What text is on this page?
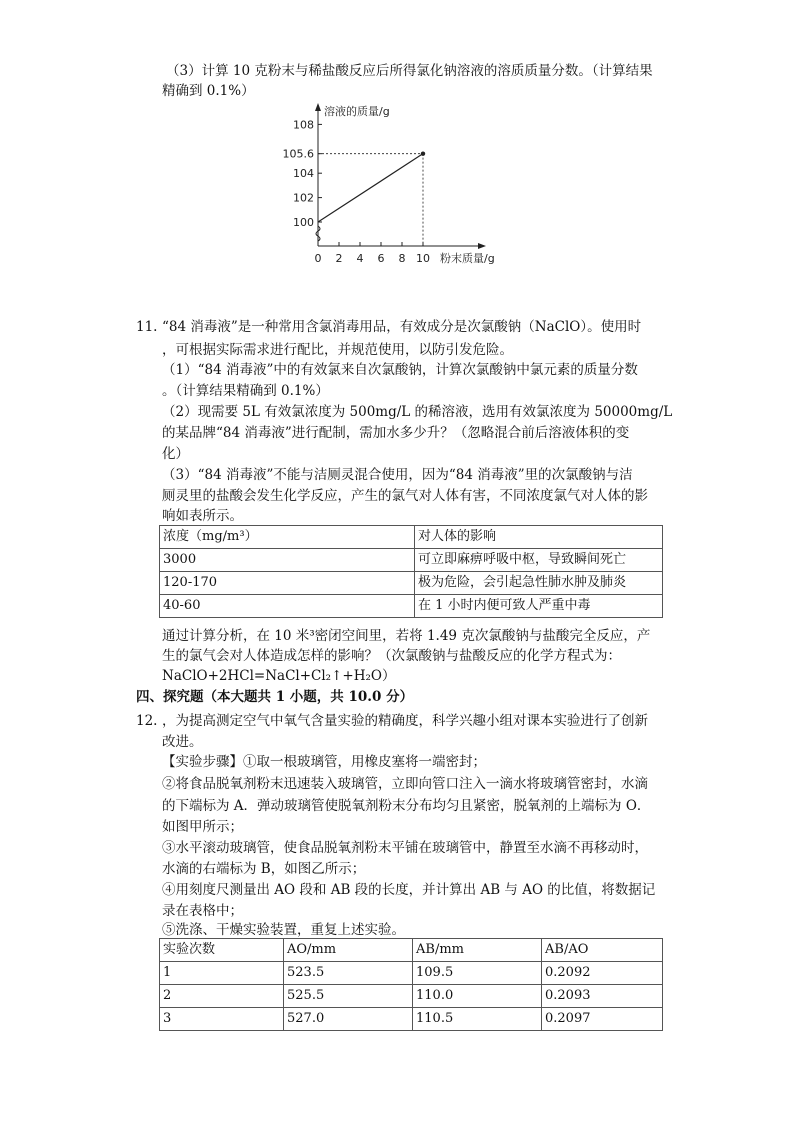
（3）计算 10 克粉末与稀盐酸反应后所得氯化钠溶液的溶质质量分数。（计算结果
精确到 0.1%）
100
102
104
105.6
108
0 2 4 6 8 10
溶液的质量/g
粉末质量/g
11. “84 消毒液”是一种常用含氯消毒用品，有效成分是次氯酸钠（NaClO）。使用时
，可根据实际需求进行配比，并规范使用，以防引发危险。
（1）“84 消毒液”中的有效氯来自次氯酸钠，计算次氯酸钠中氯元素的质量分数
。（计算结果精确到 0.1%）
（2）现需要 5L 有效氯浓度为 500mg/L 的稀溶液，选用有效氯浓度为 50000mg/L
的某品牌“84 消毒液”进行配制，需加水多少升？（忽略混合前后溶液体积的变
化）
（3）“84 消毒液”不能与洁厕灵混合使用，因为“84 消毒液”里的次氯酸钠与洁
厕灵里的盐酸会发生化学反应，产生的氯气对人体有害，不同浓度氯气对人体的影
响如表所示。
浓度（mg/m³）	对人体的影响
3000	可立即麻痹呼吸中枢，导致瞬间死亡
120-170	极为危险，会引起急性肺水肿及肺炎
40-60	在 1 小时内便可致人严重中毒
通过计算分析，在 10 米³密闭空间里，若将 1.49 克次氯酸钠与盐酸完全反应，产
生的氯气会对人体造成怎样的影响？（次氯酸钠与盐酸反应的化学方程式为：
NaClO+2HCl=NaCl+Cl₂↑+H₂O）
四、探究题（本大题共 1 小题，共 10.0 分）
12. ，为提高测定空气中氧气含量实验的精确度，科学兴趣小组对课本实验进行了创新
改进。
【实验步骤】①取一根玻璃管，用橡皮塞将一端密封；
②将食品脱氧剂粉末迅速装入玻璃管，立即向管口注入一滴水将玻璃管密封，水滴
的下端标为 A．弹动玻璃管使脱氧剂粉末分布均匀且紧密，脱氧剂的上端标为 O．
如图甲所示；
③水平滚动玻璃管，使食品脱氧剂粉末平铺在玻璃管中，静置至水滴不再移动时，
水滴的右端标为 B，如图乙所示；
④用刻度尺测量出 AO 段和 AB 段的长度，并计算出 AB 与 AO 的比值，将数据记
录在表格中；
⑤洗涤、干燥实验装置，重复上述实验。
实验次数	AO/mm	AB/mm	AB/AO
1	523.5	109.5	0.2092
2	525.5	110.0	0.2093
3	527.0	110.5	0.2097
